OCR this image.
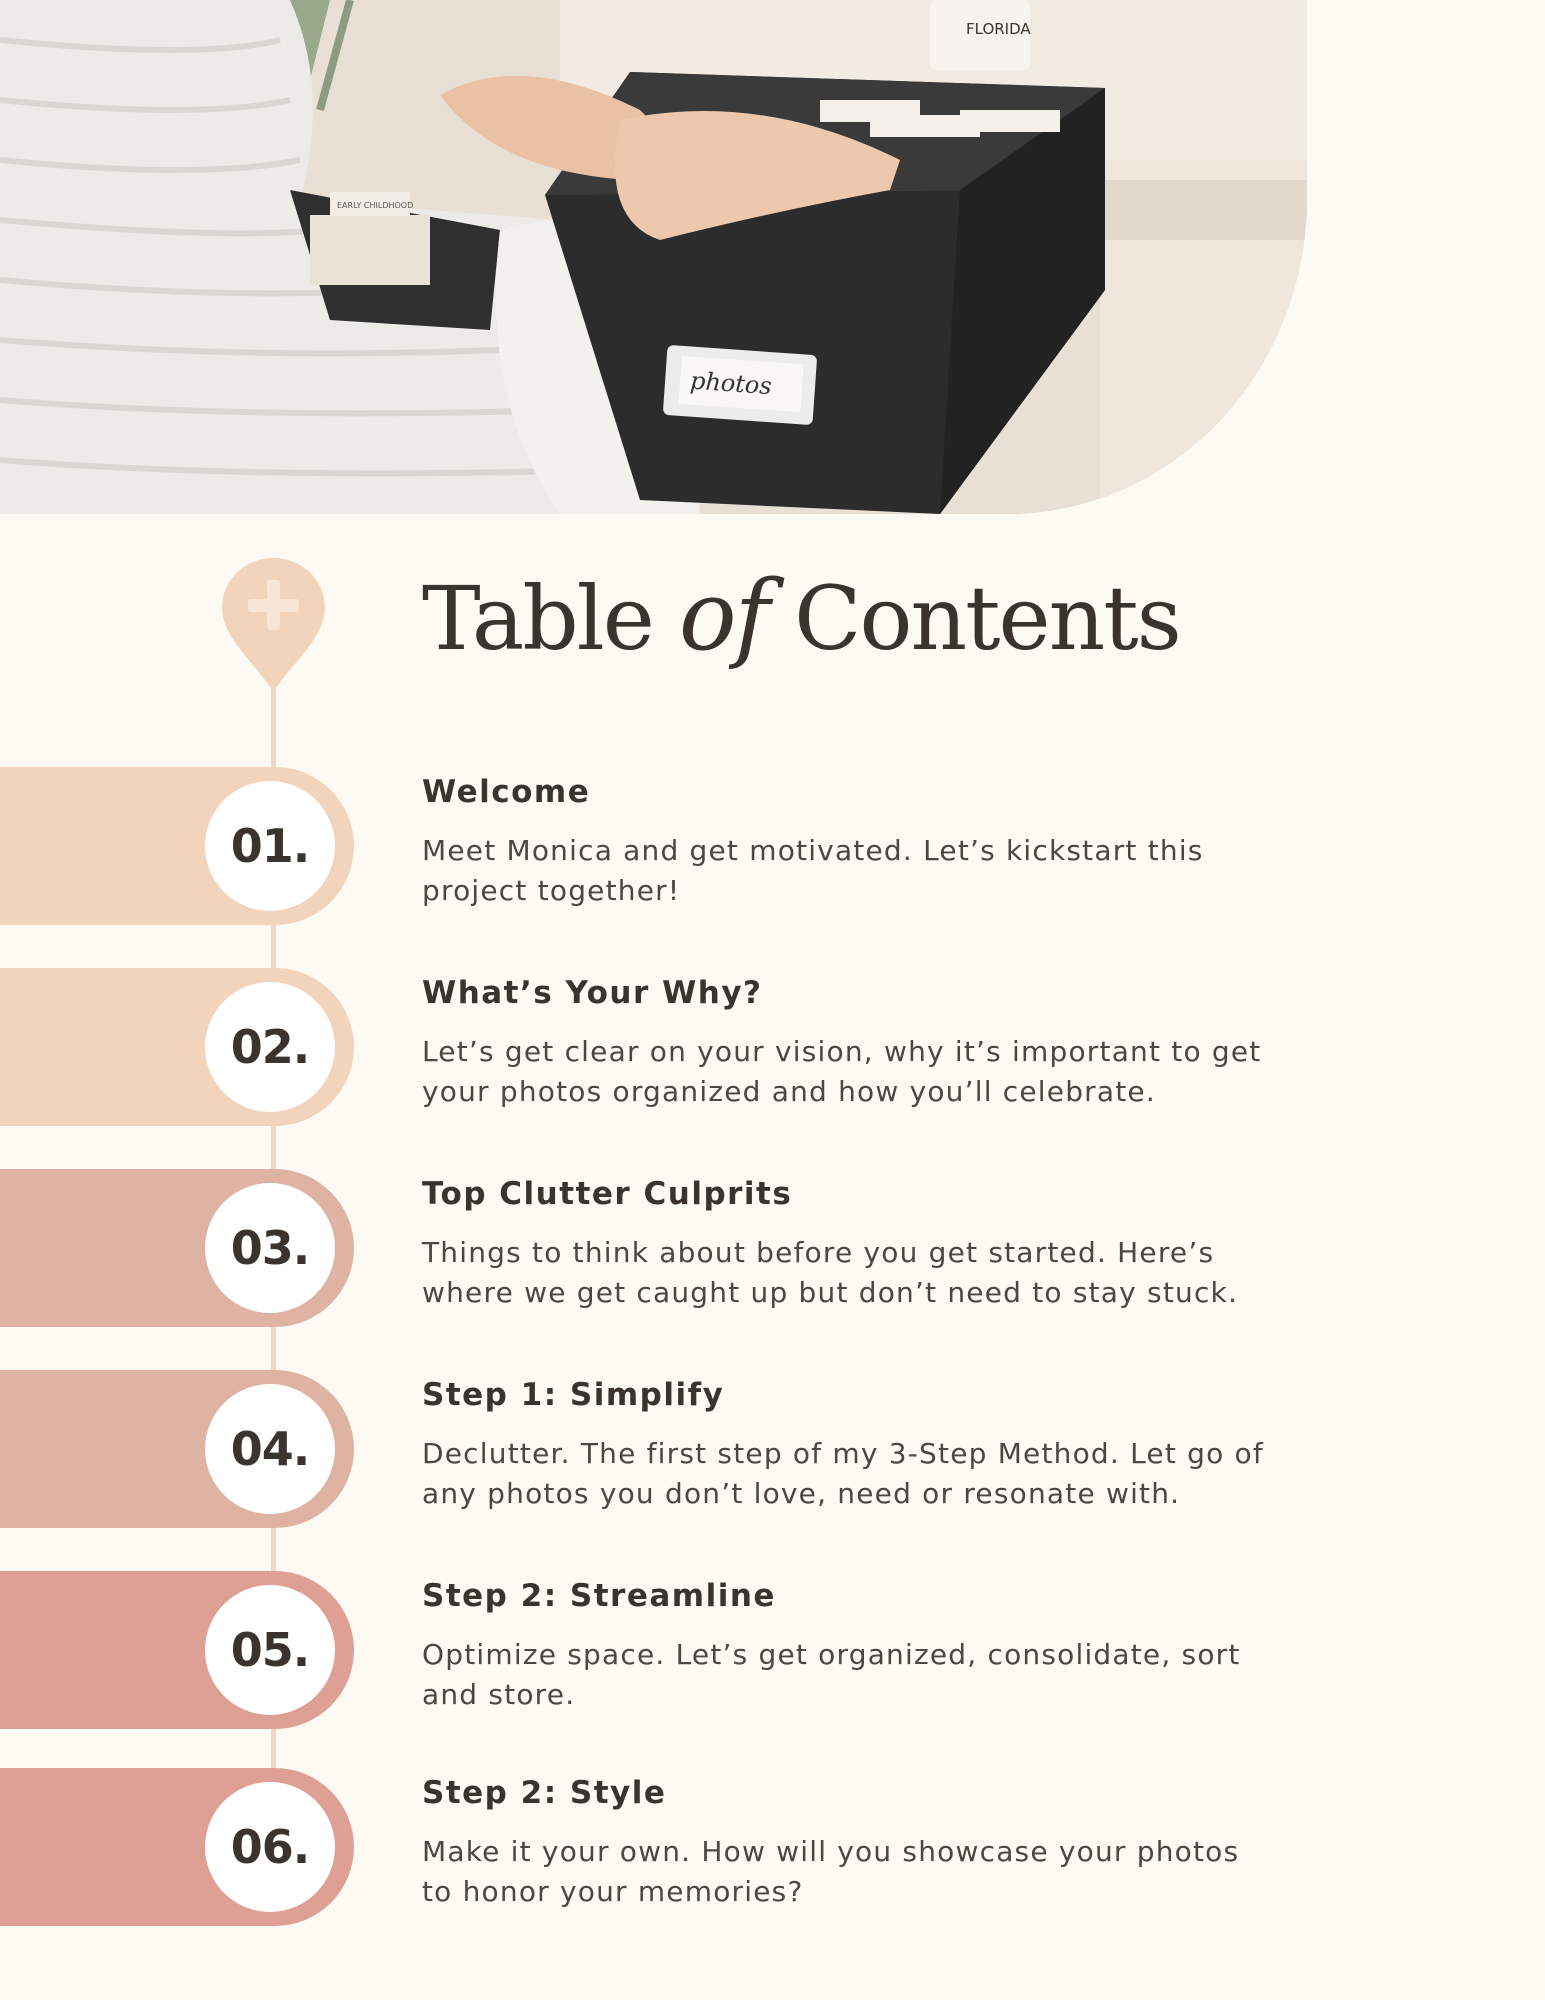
FLORIDA
EARLY CHILDHOOD
photos
Table of Contents
01.
Welcome

Meet Monica and get motivated. Let’s kickstart this project together!

02.
What’s Your Why?

Let’s get clear on your vision, why it’s important to get your photos organized and how you’ll celebrate.

03.
Top Clutter Culprits

Things to think about before you get started. Here’s where we get caught up but don’t need to stay stuck.

04.
Step 1: Simplify

Declutter. The first step of my 3-Step Method. Let go of any photos you don’t love, need or resonate with.

05.
Step 2: Streamline

Optimize space. Let’s get organized, consolidate, sort and store.

06.
Step 2: Style

Make it your own. How will you showcase your photos to honor your memories?
